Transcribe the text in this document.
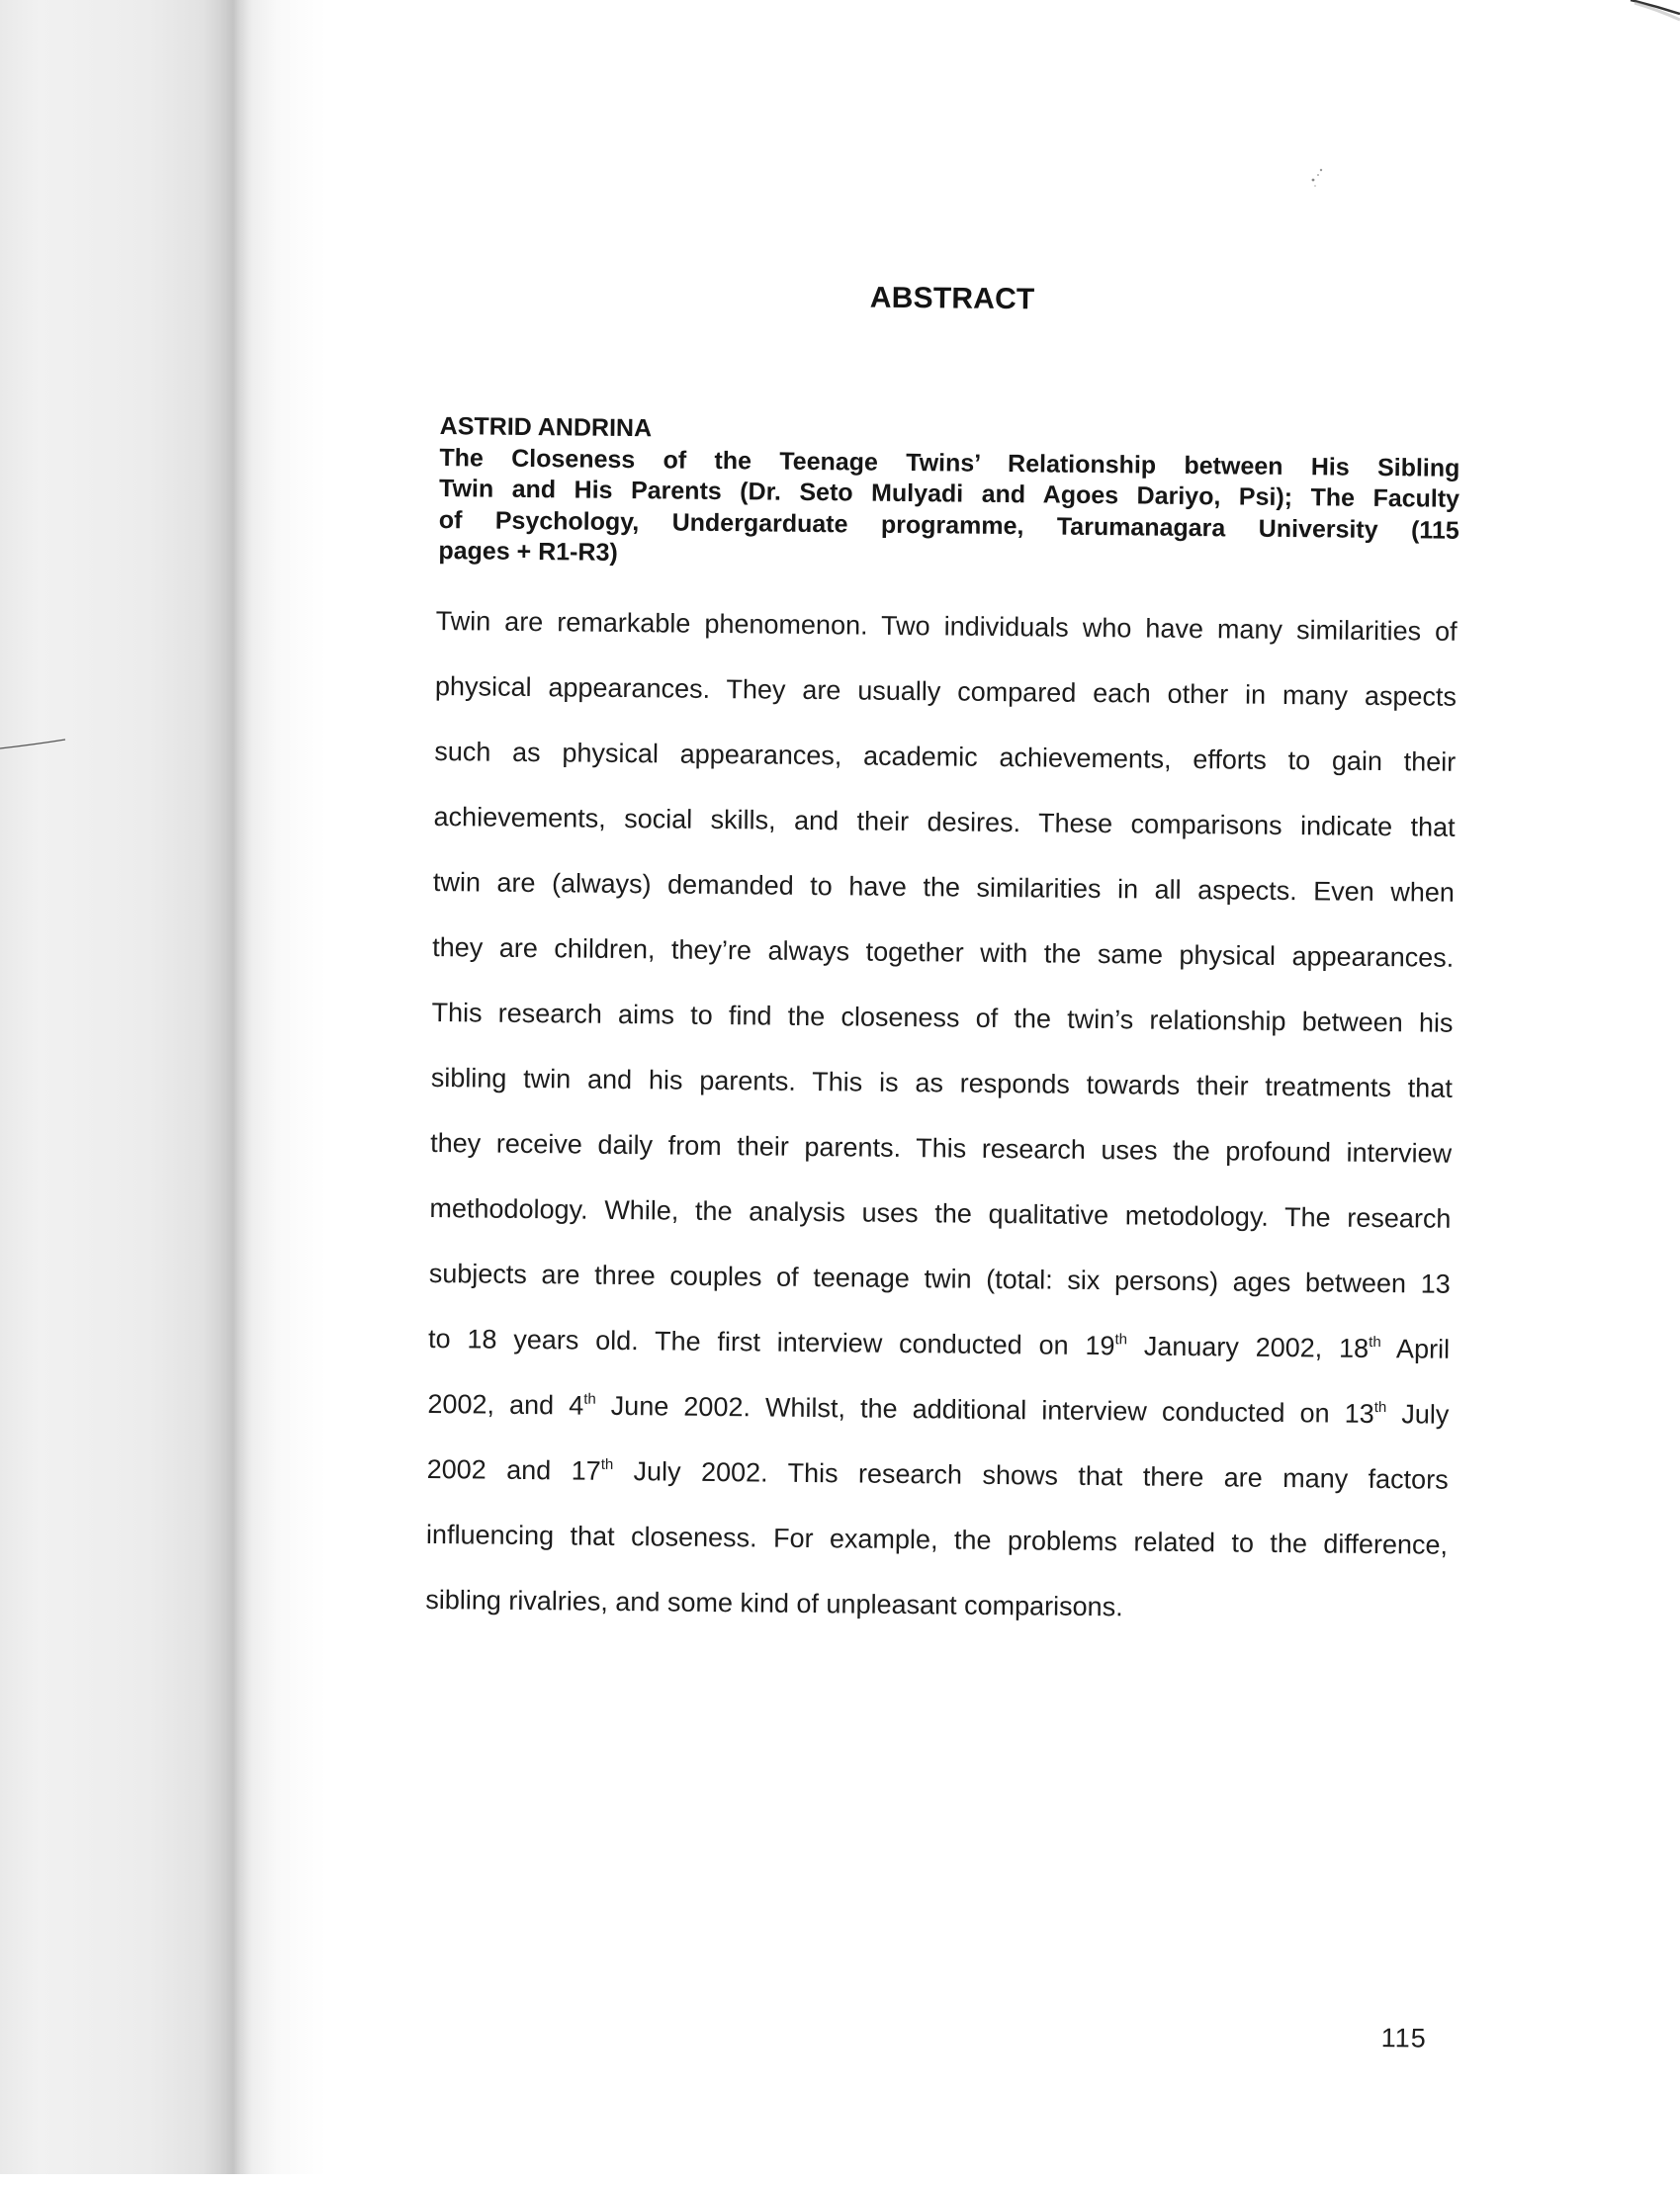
ABSTRACT
ASTRID ANDRINA
The Closeness of the Teenage Twins’ Relationship between His Sibling
Twin and His Parents (Dr. Seto Mulyadi and Agoes Dariyo, Psi); The Faculty
of Psychology, Undergarduate programme, Tarumanagara University (115
pages + R1-R3)
Twin are remarkable phenomenon. Two individuals who have many similarities of
physical appearances. They are usually compared each other in many aspects
such as physical appearances, academic achievements, efforts to gain their
achievements, social skills, and their desires. These comparisons indicate that
twin are (always) demanded to have the similarities in all aspects. Even when
they are children, they’re always together with the same physical appearances.
This research aims to find the closeness of the twin’s relationship between his
sibling twin and his parents. This is as responds towards their treatments that
they receive daily from their parents. This research uses the profound interview
methodology. While, the analysis uses the qualitative metodology. The research
subjects are three couples of teenage twin (total: six persons) ages between 13
to 18 years old. The first interview conducted on 19th January 2002, 18th April
2002, and 4th June 2002. Whilst, the additional interview conducted on 13th July
2002 and 17th July 2002. This research shows that there are many factors
influencing that closeness. For example, the problems related to the difference,
sibling rivalries, and some kind of unpleasant comparisons.
115
